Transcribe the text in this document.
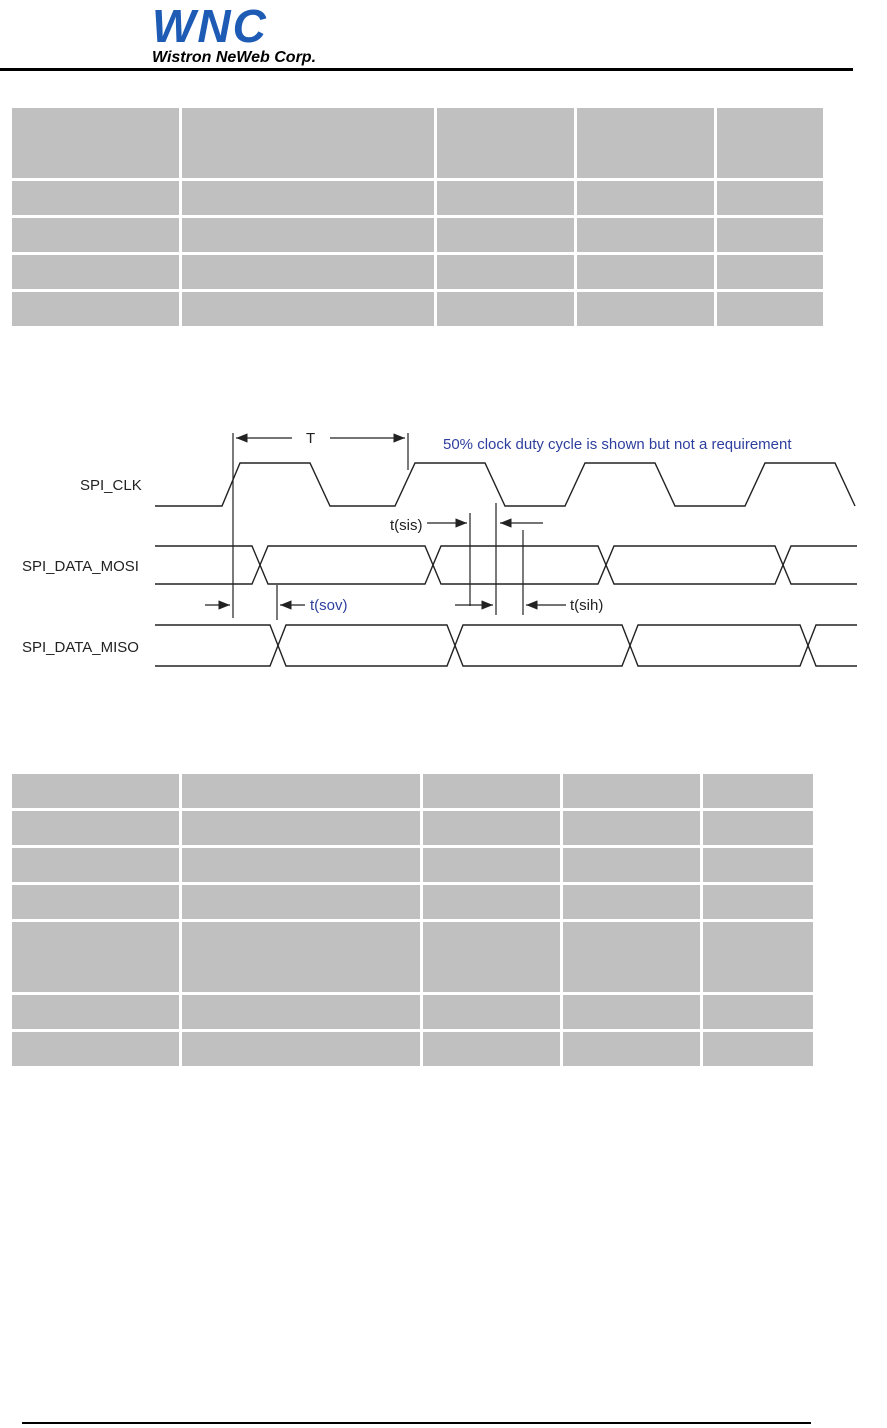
WNC
Wistron NeWeb Corp.

SPI_CLK
SPI_DATA_MOSI
SPI_DATA_MISO
T	50% clock duty cycle is shown but not a requirement
t(sis)
t(sih)
t(sov)
